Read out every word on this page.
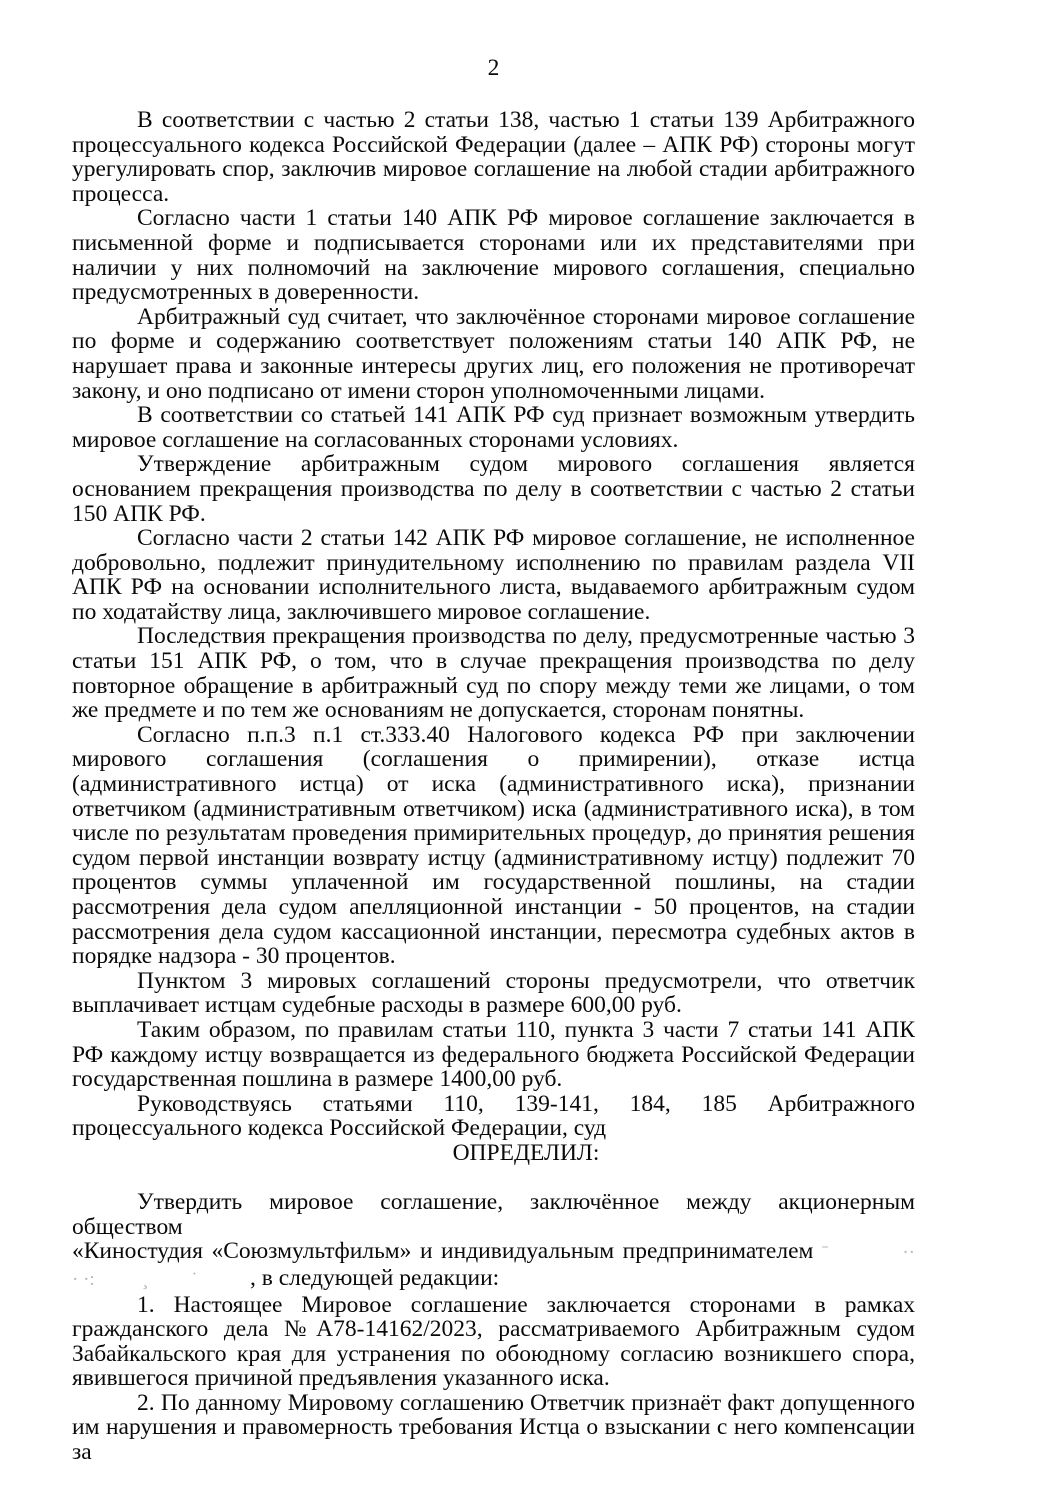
2

В соответствии с частью 2 статьи 138, частью 1 статьи 139 Арбитражного процессуального кодекса Российской Федерации (далее – АПК РФ) стороны могут урегулировать спор, заключив мировое соглашение на любой стадии арбитражного процесса.

Согласно части 1 статьи 140 АПК РФ мировое соглашение заключается в письменной форме и подписывается сторонами или их представителями при наличии у них полномочий на заключение мирового соглашения, специально предусмотренных в доверенности.

Арбитражный суд считает, что заключённое сторонами мировое соглашение по форме и содержанию соответствует положениям статьи 140 АПК РФ, не нарушает права и законные интересы других лиц, его положения не противоречат закону, и оно подписано от имени сторон уполномоченными лицами.

В соответствии со статьей 141 АПК РФ суд признает возможным утвердить мировое соглашение на согласованных сторонами условиях.

Утверждение арбитражным судом мирового соглашения является основанием прекращения производства по делу в соответствии с частью 2 статьи 150 АПК РФ.

Согласно части 2 статьи 142 АПК РФ мировое соглашение, не исполненное добровольно, подлежит принудительному исполнению по правилам раздела VII АПК РФ на основании исполнительного листа, выдаваемого арбитражным судом по ходатайству лица, заключившего мировое соглашение.

Последствия прекращения производства по делу, предусмотренные частью 3 статьи 151 АПК РФ, о том, что в случае прекращения производства по делу повторное обращение в арбитражный суд по спору между теми же лицами, о том же предмете и по тем же основаниям не допускается, сторонам понятны.

Согласно п.п.3 п.1 ст.333.40 Налогового кодекса РФ при заключении мирового соглашения (соглашения о примирении), отказе истца (административного истца) от иска (административного иска), признании ответчиком (административным ответчиком) иска (административного иска), в том числе по результатам проведения примирительных процедур, до принятия решения судом первой инстанции возврату истцу (административному истцу) подлежит 70 процентов суммы уплаченной им государственной пошлины, на стадии рассмотрения дела судом апелляционной инстанции - 50 процентов, на стадии рассмотрения дела судом кассационной инстанции, пересмотра судебных актов в порядке надзора - 30 процентов.

Пунктом 3 мировых соглашений стороны предусмотрели, что ответчик выплачивает истцам судебные расходы в размере 600,00 руб.

Таким образом, по правилам статьи 110, пункта 3 части 7 статьи 141 АПК РФ каждому истцу возвращается из федерального бюджета Российской Федерации государственная пошлина в размере 1400,00 руб.

Руководствуясь статьями 110, 139-141, 184, 185 Арбитражного процессуального кодекса Российской Федерации, суд

ОПРЕДЕЛИЛ:

Утвердить мировое соглашение, заключённое между акционерным обществом
«Киностудия «Союзмультфильм» и индивидуальным предпринимателем ˉ          ··
· ·:          ¸         ˙ , в следующей редакции:

1. Настоящее Мировое соглашение заключается сторонами в рамках гражданского дела №А78-14162/2023, рассматриваемого Арбитражным судом Забайкальского края для устранения по обоюдному согласию возникшего спора, явившегося причиной предъявления указанного иска.

2. По данному Мировому соглашению Ответчик признаёт факт допущенного им нарушения и правомерность требования Истца о взыскании с него компенсации за
